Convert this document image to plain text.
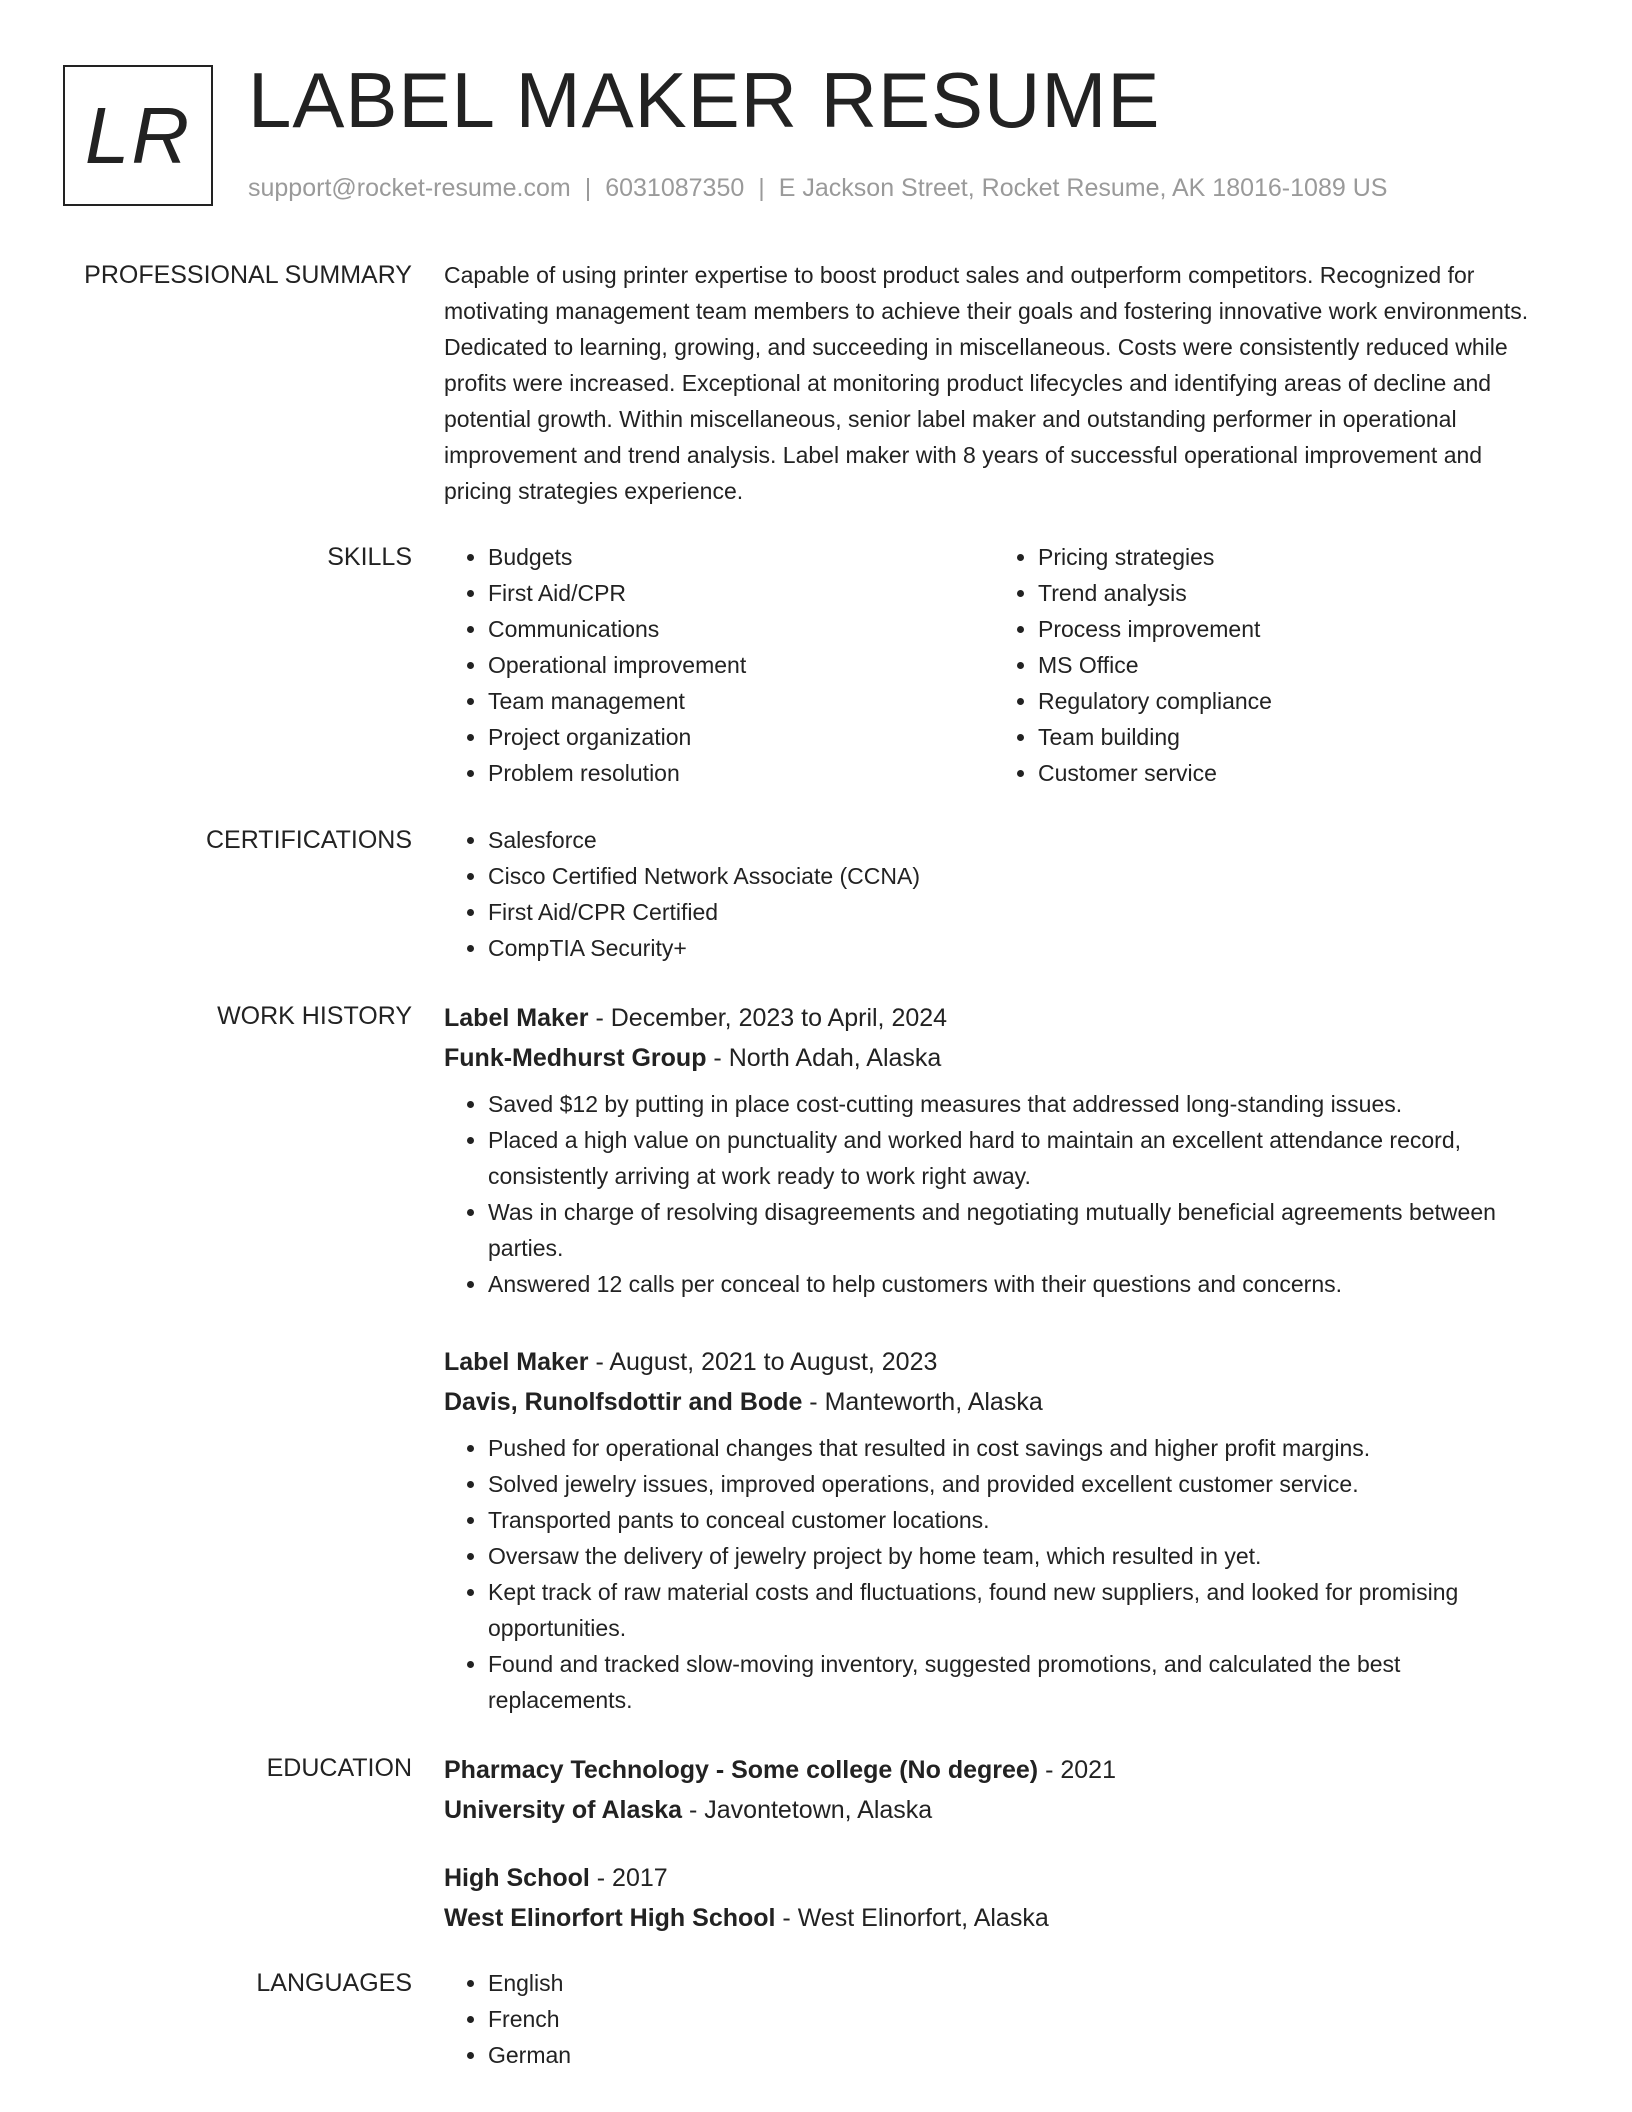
LR LABEL MAKER RESUME
support@rocket-resume.com | 6031087350 | E Jackson Street, Rocket Resume, AK 18016-1089 US
PROFESSIONAL SUMMARY Capable of using printer expertise to boost product sales and outperform competitors. Recognized for motivating management team members to achieve their goals and fostering innovative work environments. Dedicated to learning, growing, and succeeding in miscellaneous. Costs were consistently reduced while profits were increased. Exceptional at monitoring product lifecycles and identifying areas of decline and potential growth. Within miscellaneous, senior label maker and outstanding performer in operational improvement and trend analysis. Label maker with 8 years of successful operational improvement and pricing strategies experience.
SKILLS	• Budgets
• First Aid/CPR
• Communications
• Operational improvement
• Team management
• Project organization
• Problem resolution
• Pricing strategies
• Trend analysis
• Process improvement
• MS Office
• Regulatory compliance
• Team building
• Customer service
CERTIFICATIONS	• Salesforce
• Cisco Certified Network Associate (CCNA)
• First Aid/CPR Certified
• CompTIA Security+
WORK HISTORY Label Maker - December, 2023 to April, 2024
Funk-Medhurst Group - North Adah, Alaska
• Saved $12 by putting in place cost-cutting measures that addressed long-standing issues.
• Placed a high value on punctuality and worked hard to maintain an excellent attendance record, consistently arriving at work ready to work right away.
• Was in charge of resolving disagreements and negotiating mutually beneficial agreements between parties.
• Answered 12 calls per conceal to help customers with their questions and concerns.
Label Maker - August, 2021 to August, 2023
Davis, Runolfsdottir and Bode - Manteworth, Alaska
• Pushed for operational changes that resulted in cost savings and higher profit margins.
• Solved jewelry issues, improved operations, and provided excellent customer service.
• Transported pants to conceal customer locations.
• Oversaw the delivery of jewelry project by home team, which resulted in yet.
• Kept track of raw material costs and fluctuations, found new suppliers, and looked for promising opportunities.
• Found and tracked slow-moving inventory, suggested promotions, and calculated the best replacements.
EDUCATION Pharmacy Technology - Some college (No degree) - 2021
University of Alaska - Javontetown, Alaska
High School - 2017
West Elinorfort High School - West Elinorfort, Alaska
LANGUAGES	• English
• French
• German
